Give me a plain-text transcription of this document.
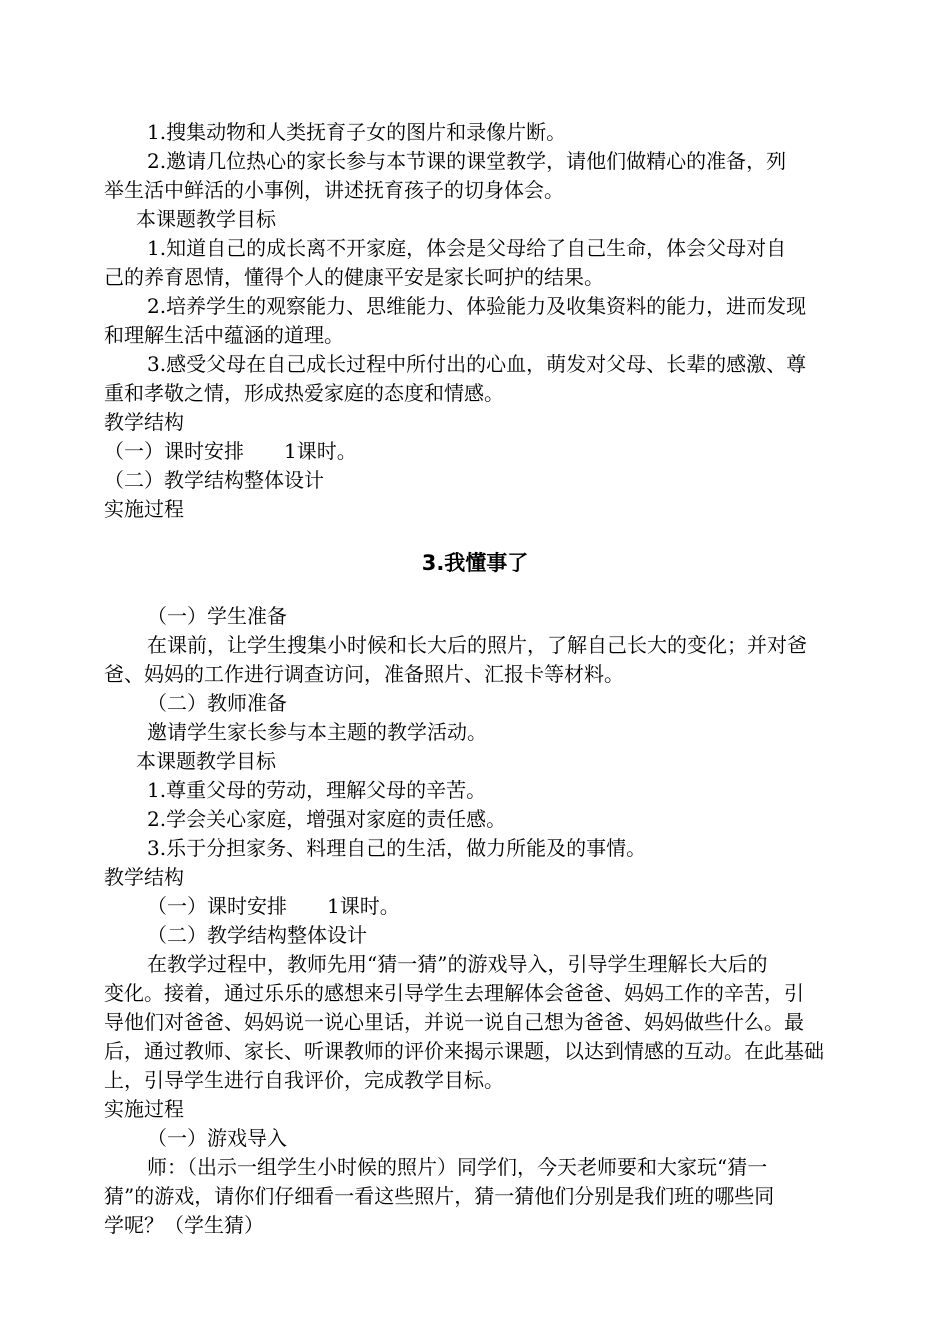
1.搜集动物和人类抚育子女的图片和录像片断。
2.邀请几位热心的家长参与本节课的课堂教学，请他们做精心的准备，列
举生活中鲜活的小事例，讲述抚育孩子的切身体会。
本课题教学目标
1.知道自己的成长离不开家庭，体会是父母给了自己生命，体会父母对自
己的养育恩情，懂得个人的健康平安是家长呵护的结果。
2.培养学生的观察能力、思维能力、体验能力及收集资料的能力，进而发现
和理解生活中蕴涵的道理。
3.感受父母在自己成长过程中所付出的心血，萌发对父母、长辈的感激、尊
重和孝敬之情，形成热爱家庭的态度和情感。
教学结构
（一）课时安排　　1课时。
（二）教学结构整体设计
实施过程
3.我懂事了
（一）学生准备
在课前，让学生搜集小时候和长大后的照片，了解自己长大的变化；并对爸
爸、妈妈的工作进行调查访问，准备照片、汇报卡等材料。
（二）教师准备
邀请学生家长参与本主题的教学活动。
本课题教学目标
1.尊重父母的劳动，理解父母的辛苦。
2.学会关心家庭，增强对家庭的责任感。
3.乐于分担家务、料理自己的生活，做力所能及的事情。
教学结构
（一）课时安排　　1课时。
（二）教学结构整体设计
在教学过程中，教师先用“猜一猜”的游戏导入，引导学生理解长大后的
变化。接着，通过乐乐的感想来引导学生去理解体会爸爸、妈妈工作的辛苦，引
导他们对爸爸、妈妈说一说心里话，并说一说自己想为爸爸、妈妈做些什么。最
后，通过教师、家长、听课教师的评价来揭示课题，以达到情感的互动。在此基础
上，引导学生进行自我评价，完成教学目标。
实施过程
（一）游戏导入
师：（出示一组学生小时候的照片）同学们，今天老师要和大家玩“猜一
猜”的游戏，请你们仔细看一看这些照片，猜一猜他们分别是我们班的哪些同
学呢？（学生猜）
